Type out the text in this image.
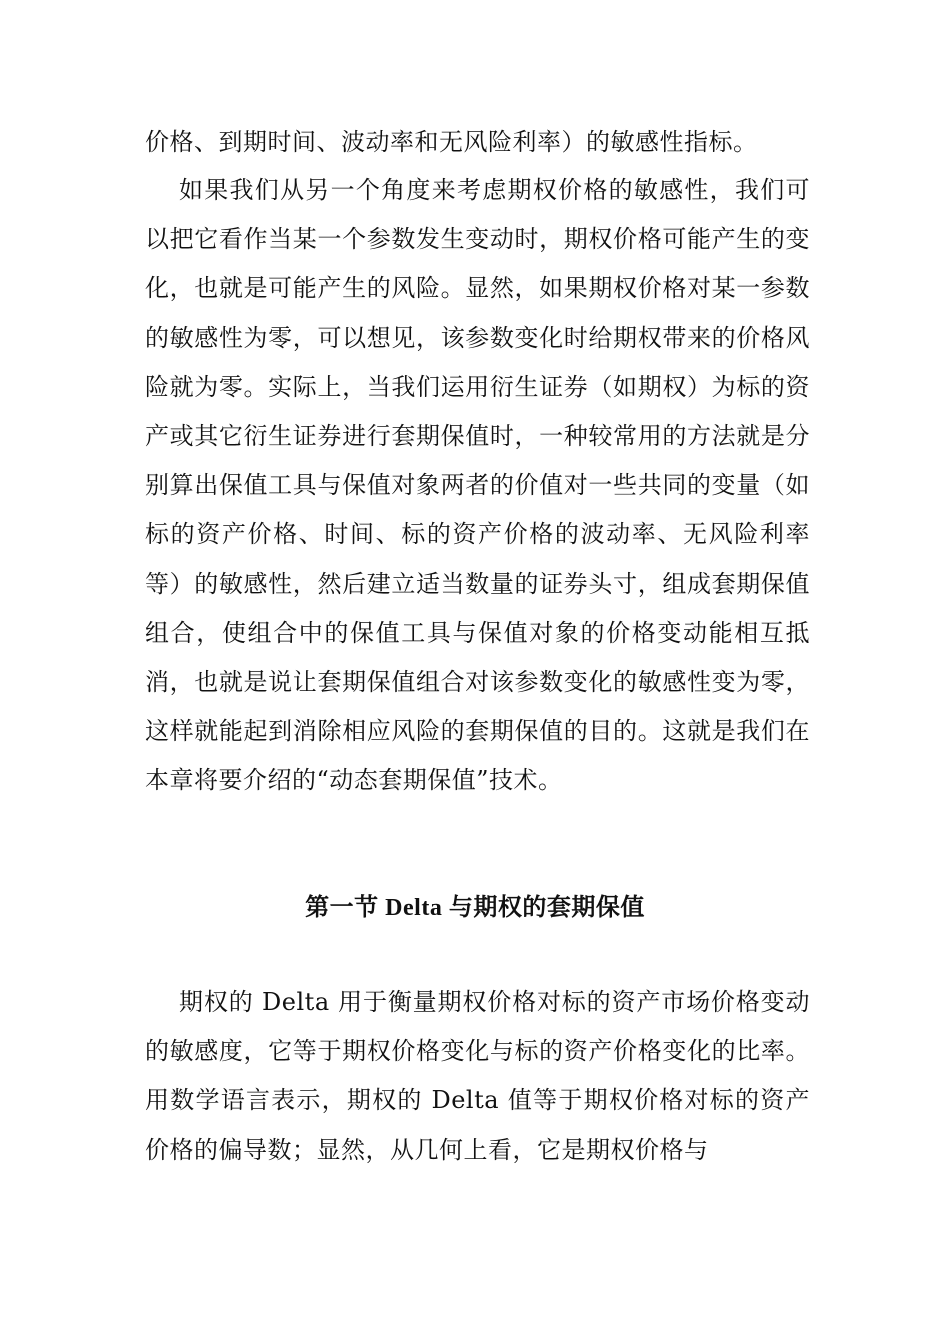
价格、到期时间、波动率和无风险利率）的敏感性指标。
如果我们从另一个角度来考虑期权价格的敏感性，我们可以把它看作当某一个参数发生变动时，期权价格可能产生的变化，也就是可能产生的风险。显然，如果期权价格对某一参数的敏感性为零，可以想见，该参数变化时给期权带来的价格风险就为零。实际上，当我们运用衍生证券（如期权）为标的资产或其它衍生证券进行套期保值时，一种较常用的方法就是分别算出保值工具与保值对象两者的价值对一些共同的变量（如标的资产价格、时间、标的资产价格的波动率、无风险利率等）的敏感性，然后建立适当数量的证券头寸，组成套期保值组合，使组合中的保值工具与保值对象的价格变动能相互抵消，也就是说让套期保值组合对该参数变化的敏感性变为零，这样就能起到消除相应风险的套期保值的目的。这就是我们在本章将要介绍的“动态套期保值”技术。
第一节 Delta 与期权的套期保值
期权的 Delta 用于衡量期权价格对标的资产市场价格变动的敏感度，它等于期权价格变化与标的资产价格变化的比率。用数学语言表示，期权的 Delta 值等于期权价格对标的资产价格的偏导数；显然，从几何上看，它是期权价格与
